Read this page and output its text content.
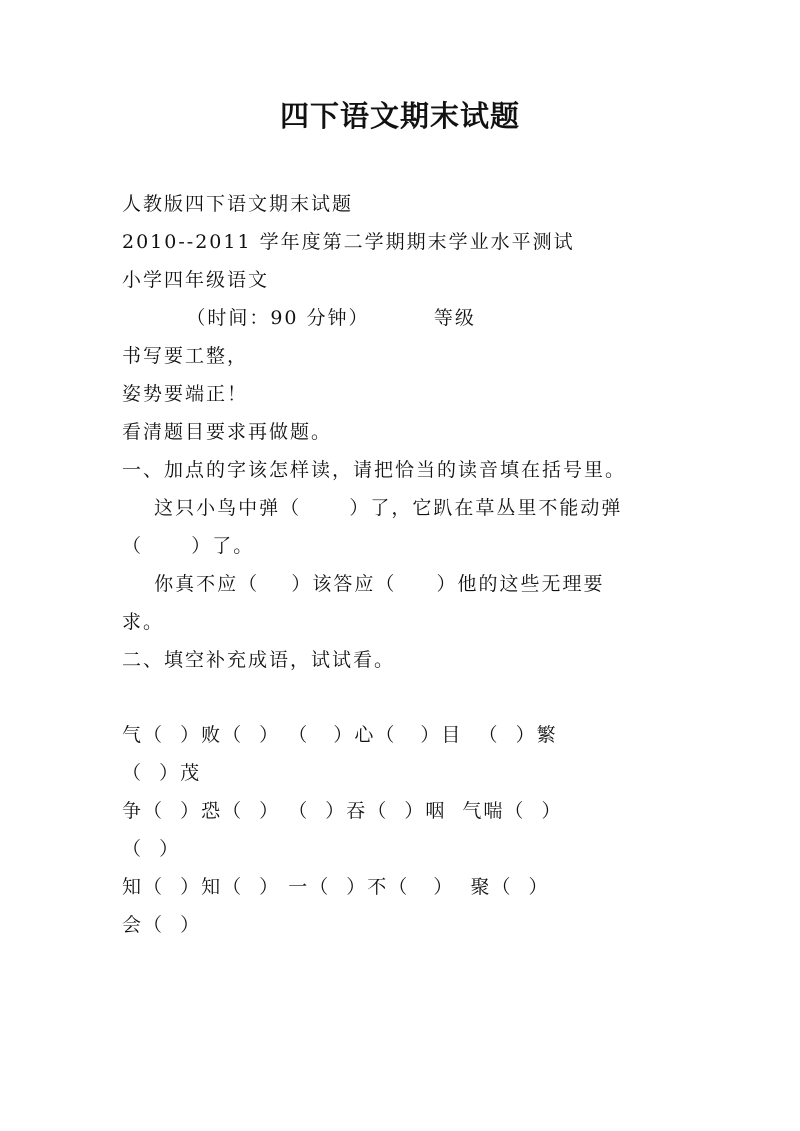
四下语文期末试题
人教版四下语文期末试题
2010--2011 学年度第二学期期末学业水平测试
小学四年级语文
（时间：90 分钟）        等级
书写要工整，
姿势要端正！
看清题目要求再做题。
一、加点的字该怎样读，请把恰当的读音填在括号里。
这只小鸟中弹（      ）了，它趴在草丛里不能动弹
（      ）了。
你真不应（    ）该答应（     ）他的这些无理要
求。
二、填空补充成语，试试看。
气（  ）败（  ） （   ）心（   ）目  （  ）繁
（  ）茂
争（  ）恐（  ） （  ）吞（  ）咽  气喘（  ）
（  ）
知（  ）知（  ） 一（  ）不（   ）  聚（  ）
会（  ）
